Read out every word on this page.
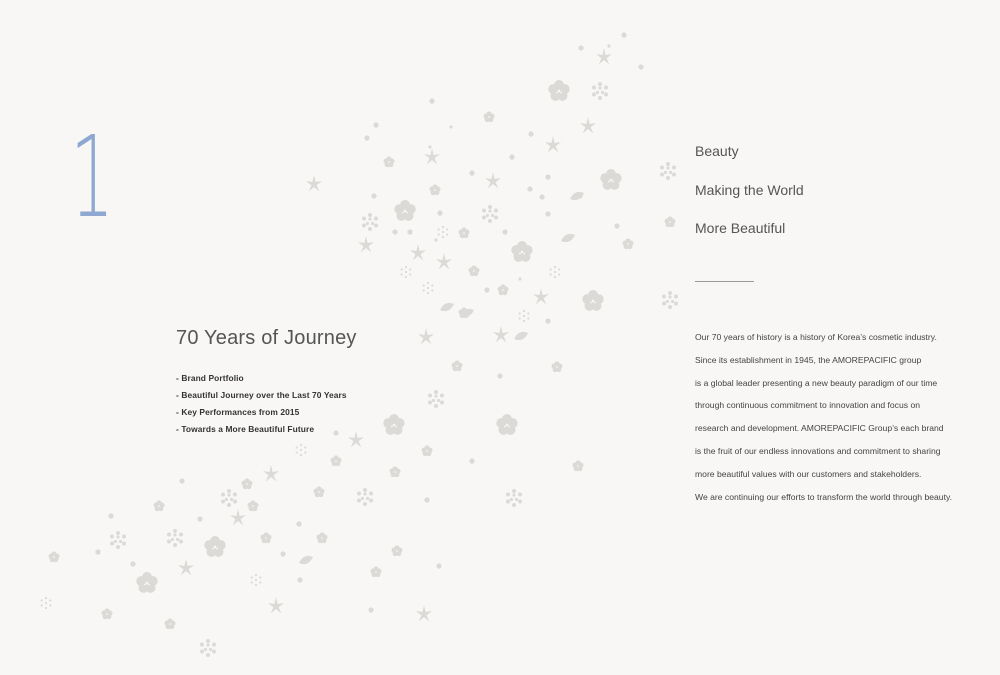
1
70 Years of Journey
- Brand Portfolio
- Beautiful Journey over the Last 70 Years
- Key Performances from 2015
- Towards a More Beautiful Future
Beauty
Making the World
More Beautiful

Our 70 years of history is a history of Korea’s cosmetic industry.

Since its establishment in 1945, the AMOREPACIFIC group

is a global leader presenting a new beauty paradigm of our time

through continuous commitment to innovation and focus on

research and development. AMOREPACIFIC Group’s each brand

is the fruit of our endless innovations and commitment to sharing

more beautiful values with our customers and stakeholders.

We are continuing our efforts to transform the world through beauty.
